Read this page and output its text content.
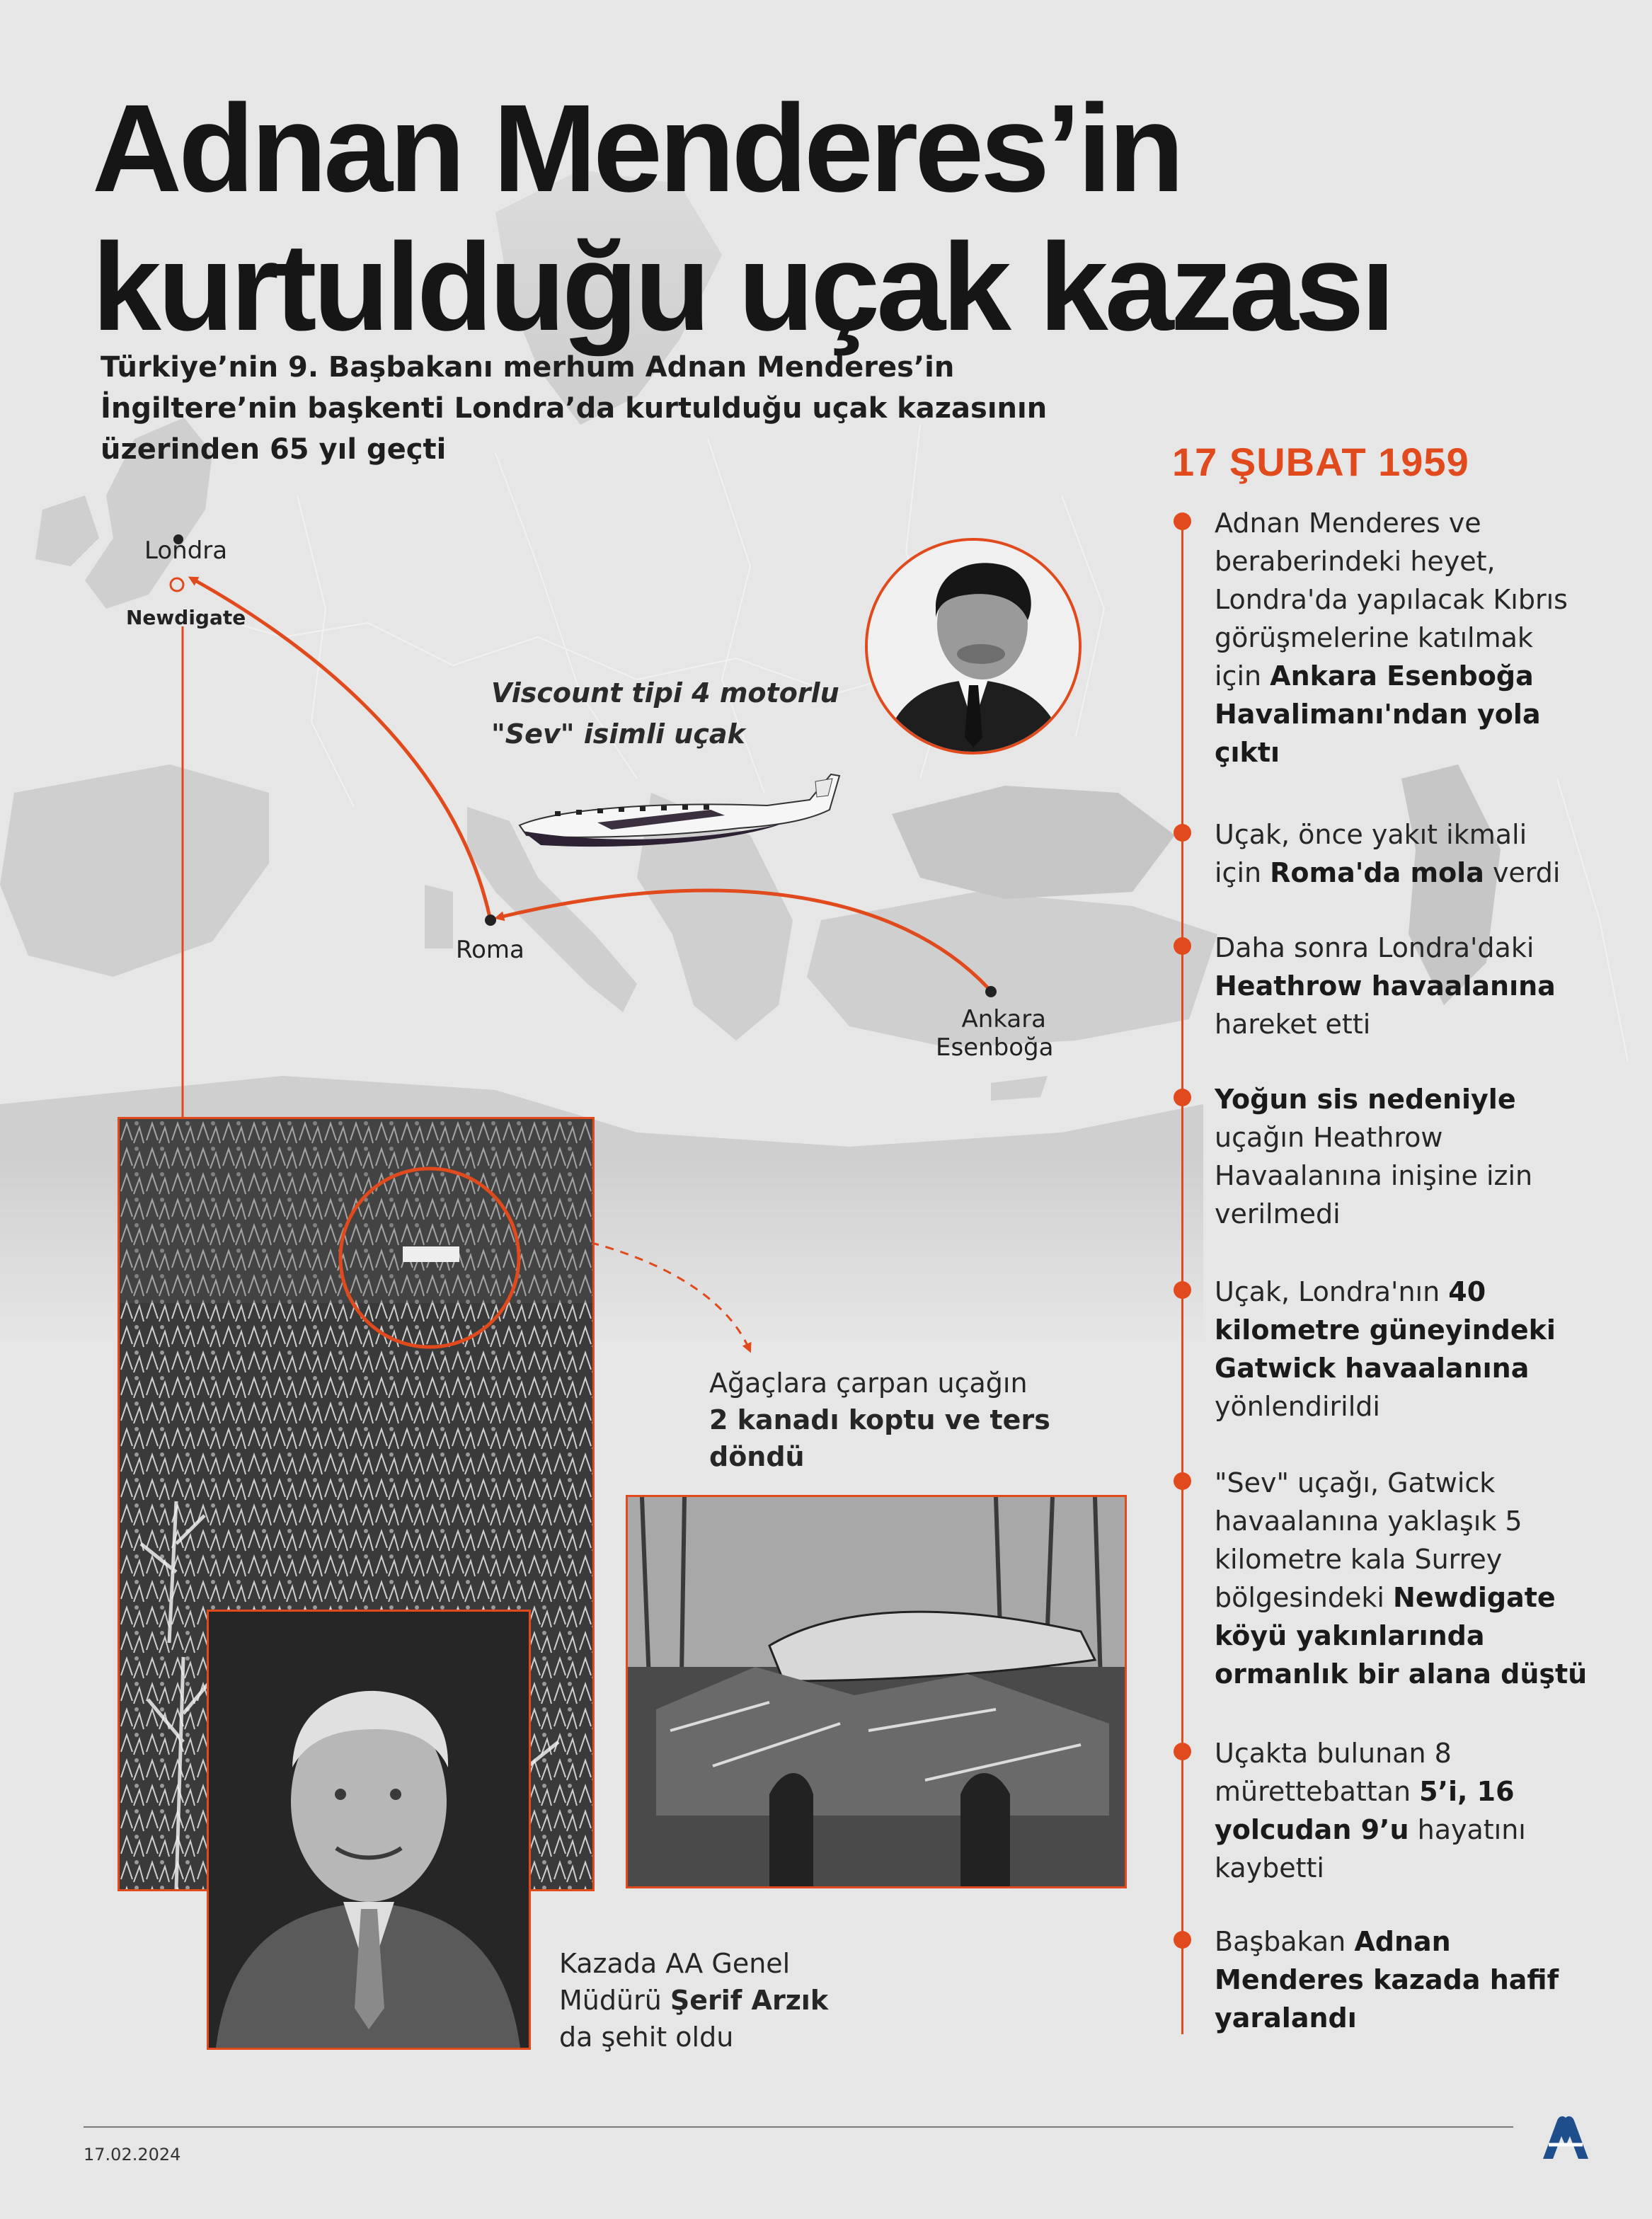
Adnan Menderes’in
kurtulduğu uçak kazası
Türkiye’nin 9. Başbakanı merhum Adnan Menderes’in
İngiltere’nin başkenti Londra’da kurtulduğu uçak kazasının
üzerinden 65 yıl geçti
Londra
Newdigate
Roma
Ankara
Esenboğa
Viscount tipi 4 motorlu
"Sev" isimli uçak
Ağaçlara çarpan uçağın
2 kanadı koptu ve ters
döndü
Kazada AA Genel
Müdürü Şerif Arzık
da şehit oldu
17 ŞUBAT 1959
Adnan Menderes ve
beraberindeki heyet,
Londra'da yapılacak Kıbrıs
görüşmelerine katılmak
için Ankara Esenboğa
Havalimanı'ndan yola
çıktı
Uçak, önce yakıt ikmali
için Roma'da mola verdi
Daha sonra Londra'daki
Heathrow havaalanına
hareket etti
Yoğun sis nedeniyle
uçağın Heathrow
Havaalanına inişine izin
verilmedi
Uçak, Londra'nın 40
kilometre güneyindeki
Gatwick havaalanına
yönlendirildi
"Sev" uçağı, Gatwick
havaalanına yaklaşık 5
kilometre kala Surrey
bölgesindeki Newdigate
köyü yakınlarında
ormanlık bir alana düştü
Uçakta bulunan 8
mürettebattan 5’i, 16
yolcudan 9’u hayatını
kaybetti
Başbakan Adnan
Menderes kazada hafif
yaralandı
17.02.2024
